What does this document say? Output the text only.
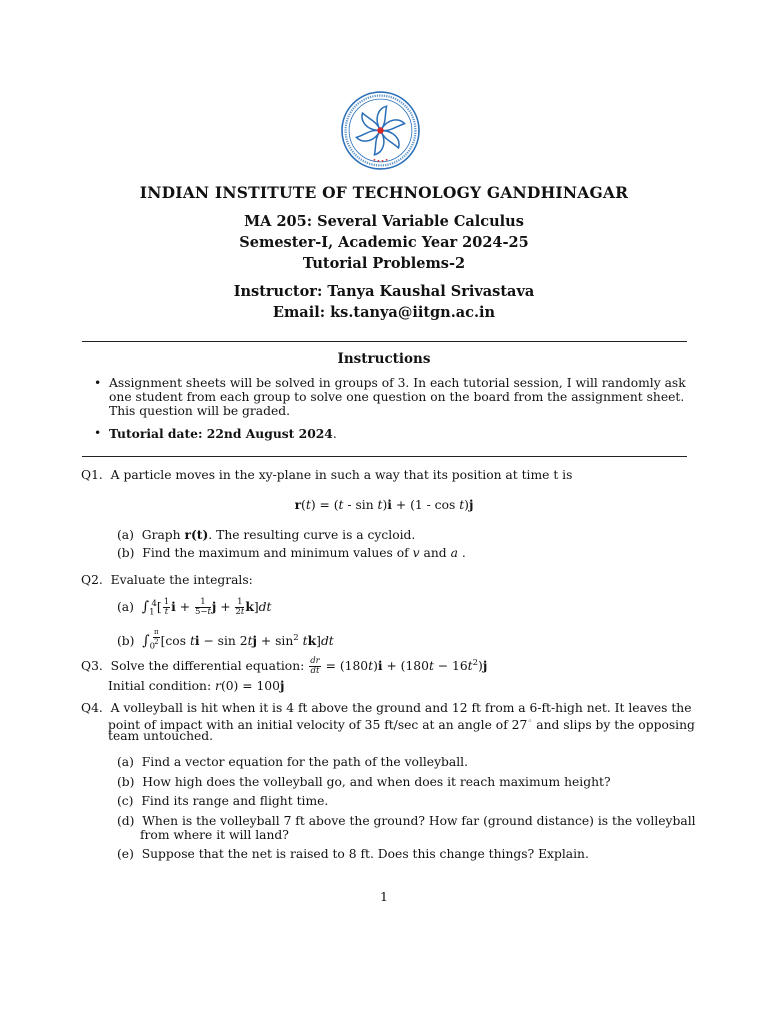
INDIAN INSTITUTE OF TECHNOLOGY GANDHINAGAR
MA 205: Several Variable Calculus
Semester-I, Academic Year 2024-25
Tutorial Problems-2
Instructor: Tanya Kaushal Srivastava
Email: ks.tanya@iitgn.ac.in
Instructions
• Assignment sheets will be solved in groups of 3. In each tutorial session, I will randomly ask one student from each group to solve one question on the board from the assignment sheet. This question will be graded.
• Tutorial date: 22nd August 2024.
Q1. A particle moves in the xy-plane in such a way that its position at time t is
r(t) = (t - sin t)i + (1 - cos t)j
(a)  Graph r(t). The resulting curve is a cycloid.
(b) Find the maximum and minimum values of v and a .
Q2. Evaluate the integrals:
(a) $\int_1^4[ \frac{1}{t}$ $i + \frac{1}{5-t}$ $j + \frac{1}{2t} k]dt$
(b) $\int_0$
$^{\frac{\pi}{2}}$ [cos ti − $\sin 2tj + \sin^2 tk]dt$
Q3. Solve the differential equation: $\frac{dr}{dt} = (180t)i + (180t - 16t^2)j$
Initial condition: r(0) = 100j
Q4. A volleyball is hit when it is 4 ft above the ground and 12 ft from a 6-ft-high net. It leaves the
point of impact with an initial velocity of 35 ft/sec at an angle of 27◦ and slips by the opposing
team untouched.
(a) Find a vector equation for the path of the volleyball.
(b) How high does the volleyball go, and when does it reach maximum height?
(c) Find its range and flight time.
(d) When is the volleyball 7 ft above the ground? How far (ground distance) is the volleyball
from where it will land?
(e) Suppose that the net is raised to 8 ft. Does this change things? Explain.
1
